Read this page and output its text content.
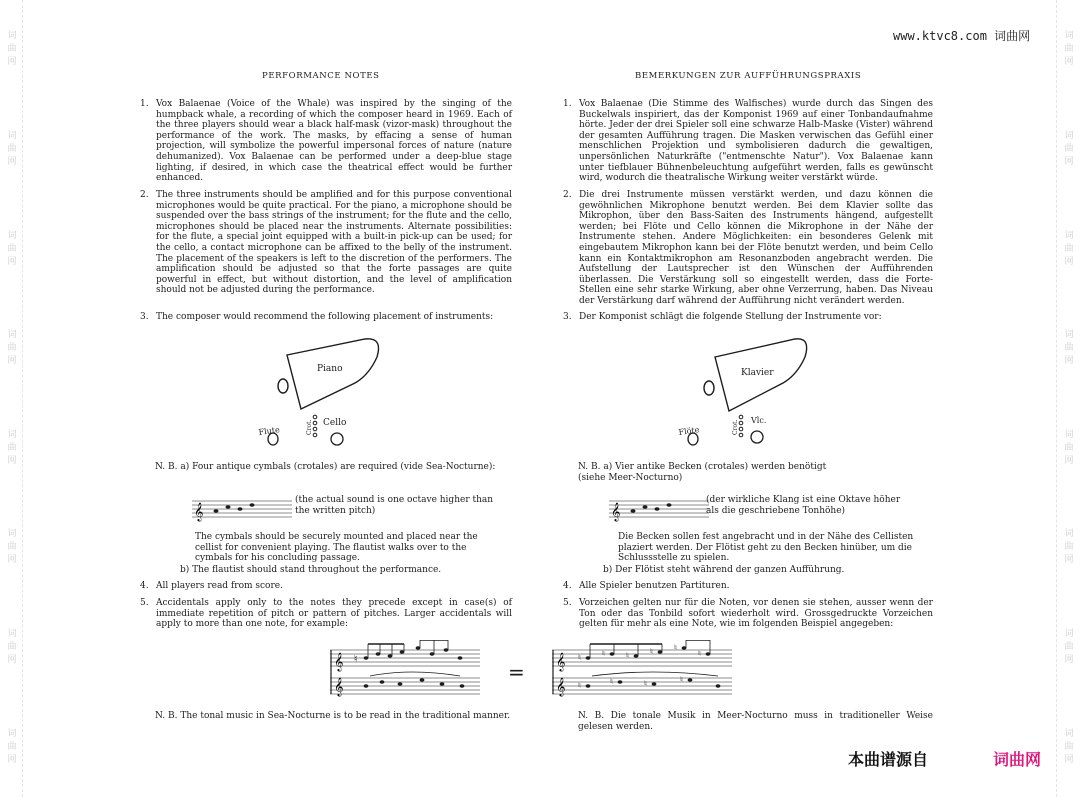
词曲网
词曲网
词曲网
词曲网
词曲网
词曲网
词曲网
词曲网
词曲网
词曲网
词曲网
词曲网
词曲网
词曲网
词曲网
词曲网
www.ktvc8.com 词曲网
PERFORMANCE NOTES
1. Vox Balaenae (Voice of the Whale) was inspired by the singing of the humpback whale, a recording of which the composer heard in 1969. Each of the three players should wear a black half-mask (vizor-mask) throughout the performance of the work. The masks, by effacing a sense of human projection, will symbolize the powerful impersonal forces of nature (nature dehumanized). Vox Balaenae can be performed under a deep-blue stage lighting, if desired, in which case the theatrical effect would be further enhanced.
2. The three instruments should be amplified and for this purpose conventional microphones would be quite practical. For the piano, a microphone should be suspended over the bass strings of the instrument; for the flute and the cello, microphones should be placed near the instruments. Alternate possibilities: for the flute, a special joint equipped with a built-in pick-up can be used; for the cello, a contact microphone can be affixed to the belly of the instrument. The placement of the speakers is left to the discretion of the performers. The amplification should be adjusted so that the forte passages are quite powerful in effect, but without distortion, and the level of amplification should not be adjusted during the performance.
3. The composer would recommend the following placement of instruments:
Piano
Flute	Crot. Cello
N. B. a) Four antique cymbals (crotales) are required (vide Sea-Nocturne):
𝄞
(the actual sound is one octave higher than the written pitch)
The cymbals should be securely mounted and placed near the cellist for convenient playing. The flautist walks over to the cymbals for his concluding passage.
b) The flautist should stand throughout the performance.
4. All players read from score.
5. Accidentals apply only to the notes they precede except in case(s) of immediate repetition of pitch or pattern of pitches. Larger accidentals will apply to more than one note, for example:
N. B. The tonal music in Sea-Nocturne is to be read in the traditional manner.
𝄞
𝄞
♮
= 𝄞
𝄞
♮	♮	♮	♮	♮
♮
♮	♮	♮	♮
BEMERKUNGEN ZUR AUFFÜHRUNGSPRAXIS
1. Vox Balaenae (Die Stimme des Walfisches) wurde durch das Singen des Buckelwals inspiriert, das der Komponist 1969 auf einer Tonbandaufnahme hörte. Jeder der drei Spieler soll eine schwarze Halb-Maske (Vister) während der gesamten Aufführung tragen. Die Masken verwischen das Gefühl einer menschlichen Projektion und symbolisieren dadurch die gewaltigen, unpersönlichen Naturkräfte ("entmenschte Natur"). Vox Balaenae kann unter tiefblauer Bühnenbeleuchtung aufgeführt werden, falls es gewünscht wird, wodurch die theatralische Wirkung weiter verstärkt würde.
2. Die drei Instrumente müssen verstärkt werden, und dazu können die gewöhnlichen Mikrophone benutzt werden. Bei dem Klavier sollte das Mikrophon, über den Bass-Saiten des Instruments hängend, aufgestellt werden; bei Flöte und Cello können die Mikrophone in der Nähe der Instrumente stehen. Andere Möglichkeiten: ein besonderes Gelenk mit eingebautem Mikrophon kann bei der Flöte benutzt werden, und beim Cello kann ein Kontaktmikrophon am Resonanzboden angebracht werden. Die Aufstellung der Lautsprecher ist den Wünschen der Aufführenden überlassen. Die Verstärkung soll so eingestellt werden, dass die Forte-Stellen eine sehr starke Wirkung, aber ohne Verzerrung, haben. Das Niveau der Verstärkung darf während der Aufführung nicht verändert werden.
3. Der Komponist schlägt die folgende Stellung der Instrumente vor:
Klavier
Flöte	Crot. Vlc.
N. B. a) Vier antike Becken (crotales) werden benötigt (siehe Meer-Nocturno)
𝄞
(der wirkliche Klang ist eine Oktave höher als die geschriebene Tonhöhe)
Die Becken sollen fest angebracht und in der Nähe des Cellisten plaziert werden. Der Flötist geht zu den Becken hinüber, um die Schlussstelle zu spielen.
b) Der Flötist steht während der ganzen Aufführung.
4. Alle Spieler benutzen Partituren.
5. Vorzeichen gelten nur für die Noten, vor denen sie stehen, ausser wenn der Ton oder das Tonbild sofort wiederholt wird. Grossgedruckte Vorzeichen gelten für mehr als eine Note, wie im folgenden Beispiel angegeben:
N. B. Die tonale Musik in Meer-Nocturno muss in traditioneller Weise gelesen werden.
本曲谱源自	词曲网
